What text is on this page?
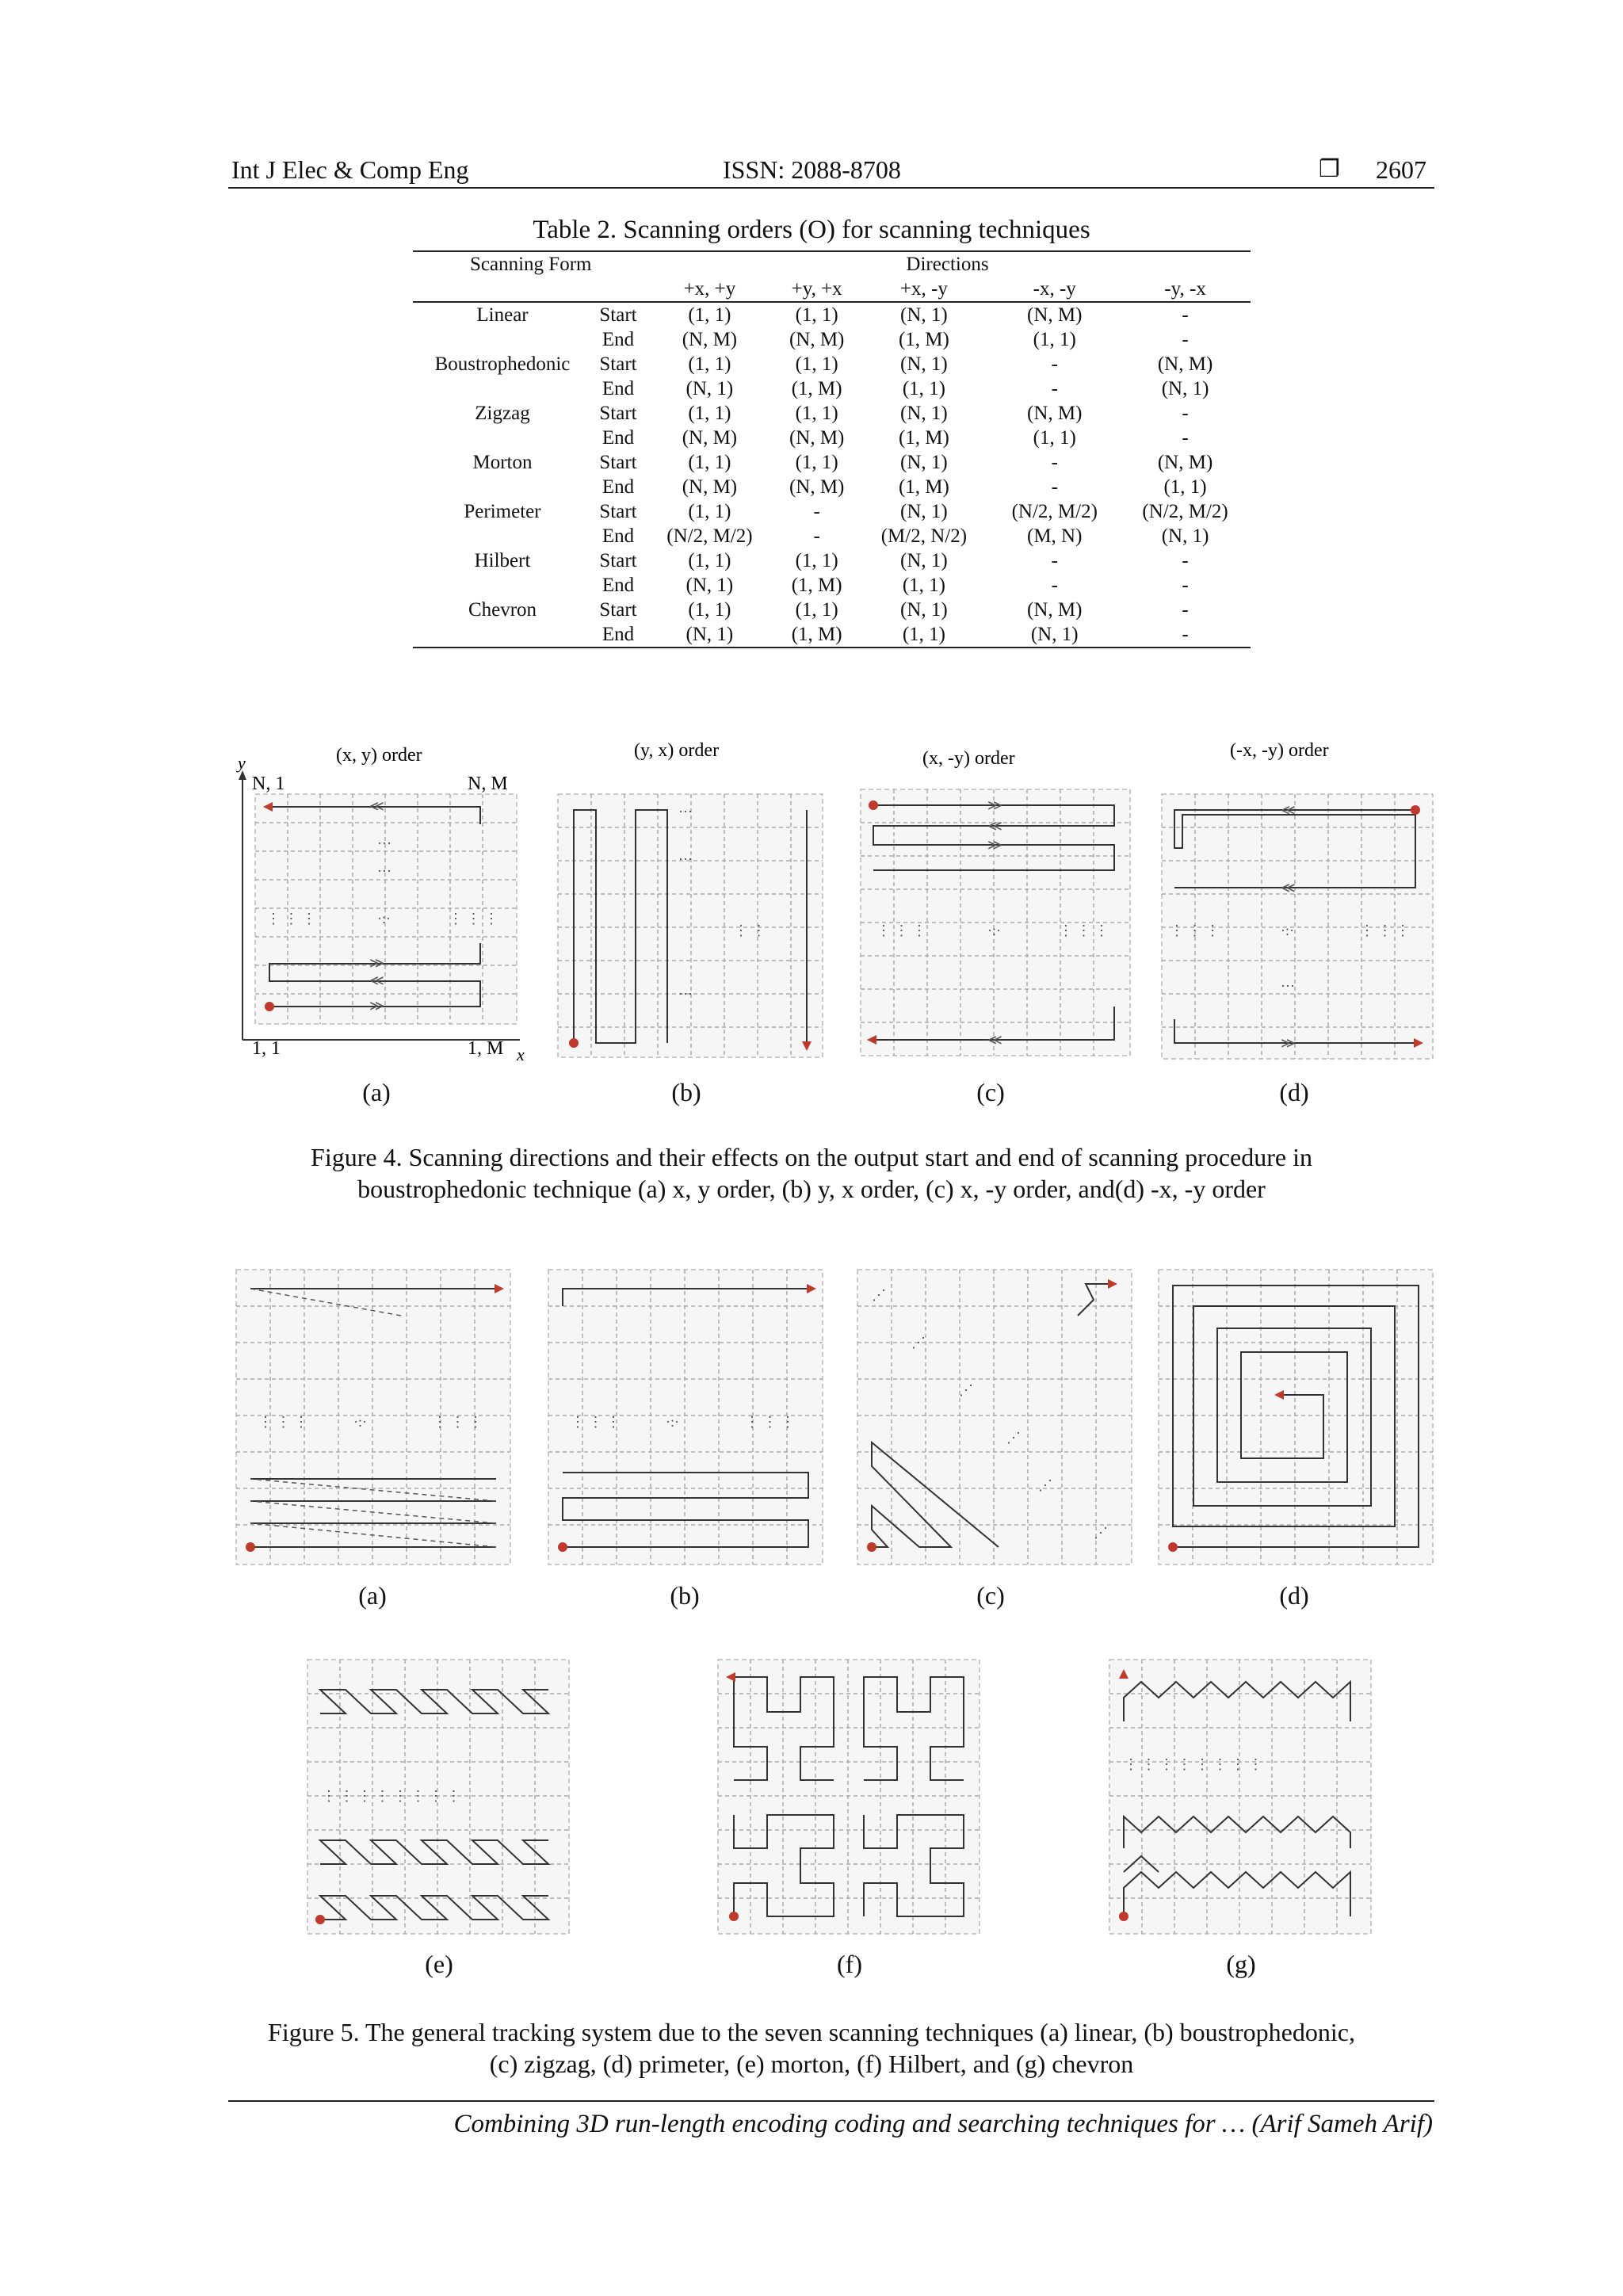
Int J Elec & Comp Eng	ISSN: 2088-8708	❐ 2607
Table 2. Scanning orders (O) for scanning techniques
Scanning Form		Directions				
		+x, +y	+y, +x	+x, -y	-x, -y	-y, -x
Linear	Start	(1, 1)	(1, 1)	(N, 1)	(N, M)	-
	End	(N, M)	(N, M)	(1, M)	(1, 1)	-
Boustrophedonic	Start	(1, 1)	(1, 1)	(N, 1)	-	(N, M)
	End	(N, 1)	(1, M)	(1, 1)	-	(N, 1)
Zigzag	Start	(1, 1)	(1, 1)	(N, 1)	(N, M)	-
	End	(N, M)	(N, M)	(1, M)	(1, 1)	-
Morton	Start	(1, 1)	(1, 1)	(N, 1)	-	(N, M)
	End	(N, M)	(N, M)	(1, M)	-	(1, 1)
Perimeter	Start	(1, 1)	-	(N, 1)	(N/2, M/2)	(N/2, M/2)
	End	(N/2, M/2)	-	(M/2, N/2)	(M, N)	(N, 1)
Hilbert	Start	(1, 1)	(1, 1)	(N, 1)	-	-
	End	(N, 1)	(1, M)	(1, 1)	-	-
Chevron	Start	(1, 1)	(1, 1)	(N, 1)	(N, M)	-
	End	(N, 1)	(1, M)	(1, 1)	(N, 1)	-
≫
≪
≫
≪
⋯
⋯
⋮ ⋮ ⋮	·:·	⋮ ⋮ ⋮
y
x
N, 1	N, M
1, 1	1, M
(x, y) order	(y, x) order
⋯
⋯
⋯
⋮ ⋮
(x, -y) order
≫
≪
≫
≪
⋮ ⋮ ⋮	·:·	⋮ ⋮ ⋮
(-x, -y) order
≪
≪
≫
⋮ ⋮ ⋮	·:·	⋮ ⋮ ⋮
⋯
(a)	(b)	(c)	(d)
Figure 4. Scanning directions and their effects on the output start and end of scanning procedure in
boustrophedonic technique (a) x, y order, (b) y, x order, (c) x, -y order, and(d) -x, -y order
⋮ ⋮ ⋮	·:·	⋮ ⋮ ⋮	⋮ ⋮ ⋮	·:·	⋮ ⋮ ⋮
⋰
⋰
⋰
⋰
⋰
⋰
(a)	(b)	(c)	(d)
⋮ ⋮ ⋮ ⋮ ⋮ ⋮ ⋮ ⋮
⋮ ⋮ ⋮ ⋮ ⋮ ⋮ ⋮ ⋮
(e)	(f)	(g)
Figure 5. The general tracking system due to the seven scanning techniques (a) linear, (b) boustrophedonic,
(c) zigzag, (d) primeter, (e) morton, (f) Hilbert, and (g) chevron
Combining 3D run-length encoding coding and searching techniques for … (Arif Sameh Arif)
